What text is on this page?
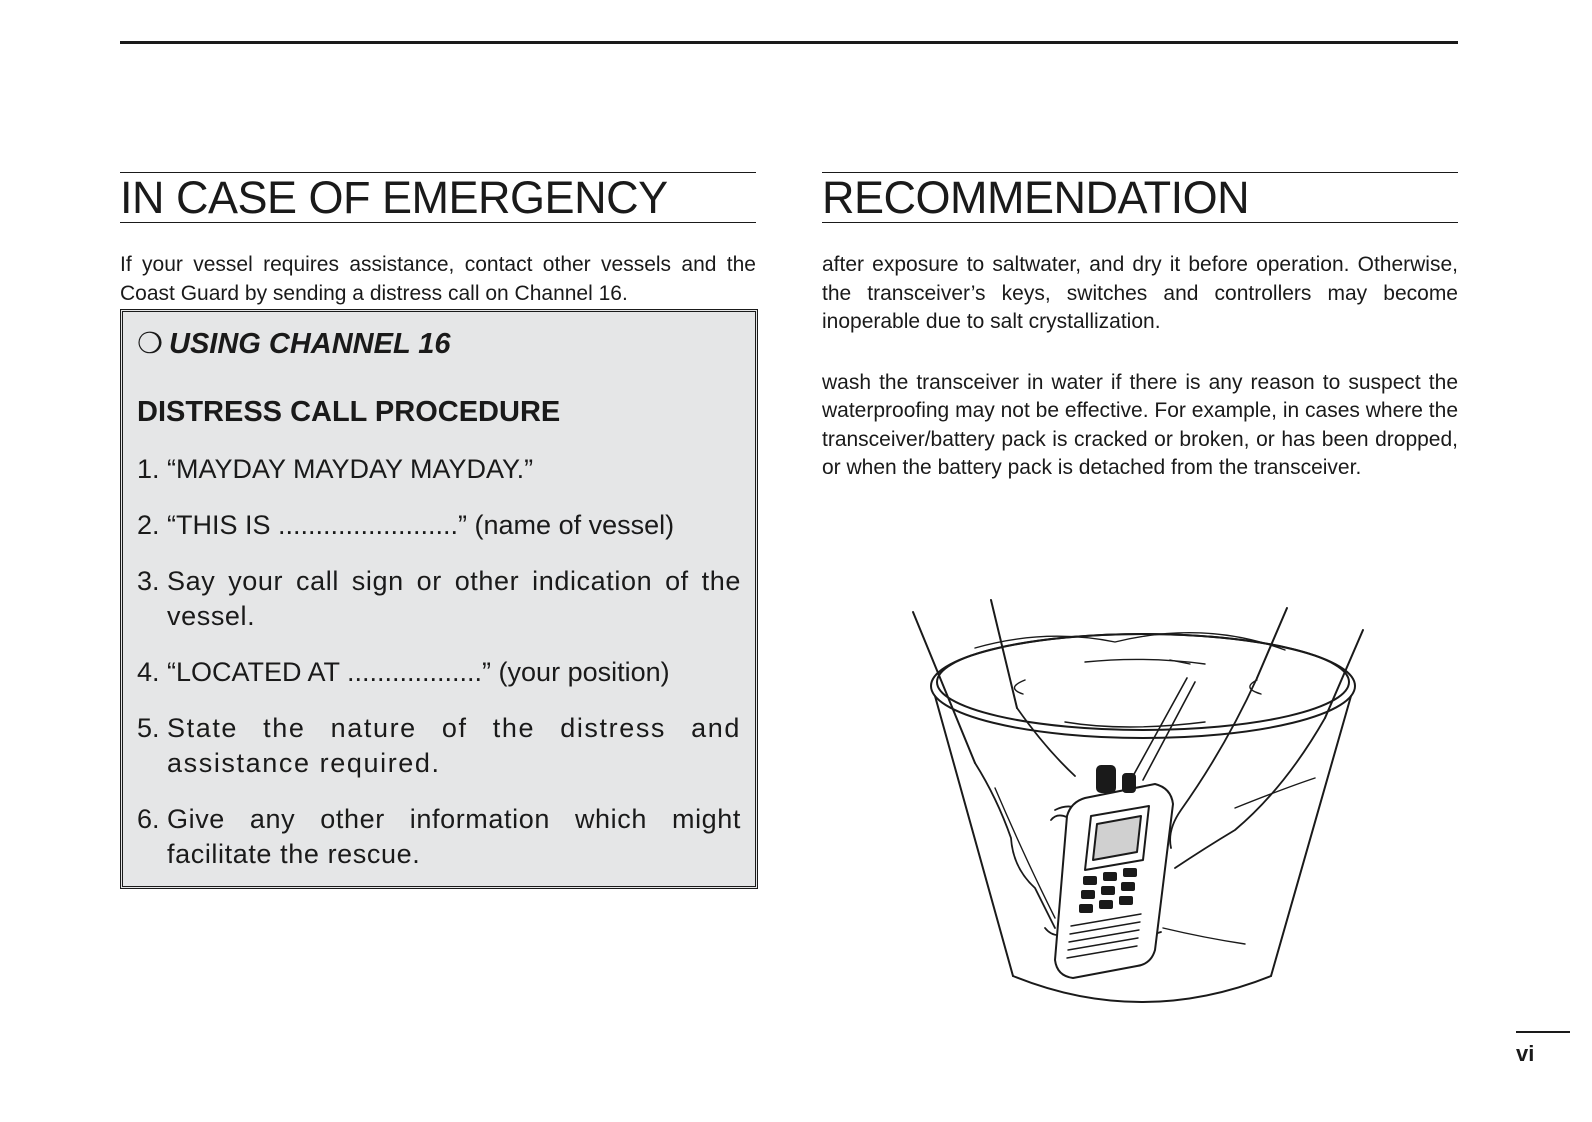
IN CASE OF EMERGENCY

If your vessel requires assistance, contact other vessels and the Coast Guard by sending a distress call on Channel 16.

❍ USING CHANNEL 16
DISTRESS CALL PROCEDURE
1. “MAYDAY MAYDAY MAYDAY.”
2. “THIS IS ........................” (name of vessel)
3. Say your call sign or other indication of the vessel.
4. “LOCATED AT ..................” (your position)
5. State the nature of the distress and assistance required.
6. Give any other information which might facilitate the rescue.
RECOMMENDATION

after exposure to saltwater, and dry it before operation. Otherwise, the transceiver’s keys, switches and controllers may become inoperable due to salt crystallization.

wash the transceiver in water if there is any reason to suspect the waterproofing may not be effective. For example, in cases where the transceiver/battery pack is cracked or broken, or has been dropped, or when the battery pack is detached from the transceiver.

vi
